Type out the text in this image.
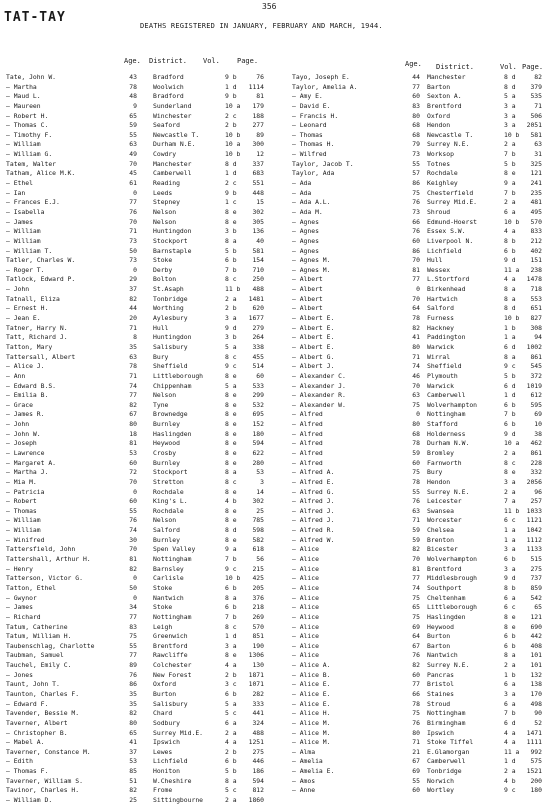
356
TAT-TAY
DEATHS REGISTERED IN JANUARY, FEBRUARY AND MARCH, 1944.
Age. District. Vol. Page.	Age. District.	Vol. Page.
Tate, John W.	43	Bradford	9 b	76
— Martha	78	Woolwich	1 d	1114
— Maud L.	48	Bradford	9 b	81
— Maureen	9	Sunderland	10 a	179
— Robert H.	65	Winchester	2 c	188
— Thomas C.	59	Seaford	2 b	277
— Timothy F.	55	Newcastle T.	10 b	89
— William	63	Durham N.E.	10 a	300
— William G.	49	Cowdry	10 b	12
Tatem, Walter	70	Manchester	8 d	337
Tatham, Alice M.K.	45	Camberwell	1 d	683
— Ethel	61	Reading	2 c	551
— Ian	0	Leeds	9 b	448
— Frances E.J.	77	Stepney	1 c	15
— Isabella	76	Nelson	8 e	302
— James	70	Nelson	8 e	305
— William	71	Huntingdon	3 b	136
— William	73	Stockport	8 a	40
— William T.	50	Barnstaple	5 b	581
Tatler, Charles W.	73	Stoke	6 b	154
— Roger T.	0	Derby	7 b	710
Tatlock, Edward P.	29	Bolton	8 c	250
— John	37	St.Asaph	11 b	488
Tatnall, Eliza	82	Tonbridge	2 a	1481
— Ernest H.	44	Worthing	2 b	620
— Jean E.	20	Aylesbury	3 a	1677
Tatner, Harry N.	71	Hull	9 d	279
Tatt, Richard J.	8	Huntingdon	3 b	264
Tatton, Mary	35	Salisbury	5 a	338
Tattersall, Albert	63	Bury	8 c	455
— Alice J.	78	Sheffield	9 c	514
— Ann	71	Littleborough	8 e	60
— Edward B.S.	74	Chippenham	5 a	533
— Emilia B.	77	Nelson	8 e	299
— Grace	82	Tyne	8 e	532
— James R.	67	Brownedge	8 e	695
— John	80	Burnley	8 e	152
— John W.	18	Haslingden	8 e	180
— Joseph	81	Heywood	8 e	594
— Lawrence	53	Crosby	8 e	622
— Margaret A.	60	Burnley	8 e	280
— Martha J.	72	Stockport	8 a	53
— Mia M.	70	Stretton	8 c	3
— Patricia	0	Rochdale	8 e	14
— Robert	60	King's L.	4 b	302
— Thomas	55	Rochdale	8 e	25
— William	76	Nelson	8 e	785
— William	74	Salford	8 d	598
— Winifred	30	Burnley	8 e	582
Tattersfield, John	70	Spen Valley	9 a	618
Tattershall, Arthur H.	81	Nottingham	7 b	56
— Henry	82	Barnsley	9 c	215
Tatterson, Victor G.	0	Carlisle	10 b	425
Tatton, Ethel	50	Stoke	6 b	205
— Gwynor	0	Nantwich	8 a	376
— James	34	Stoke	6 b	218
— Richard	77	Nottingham	7 b	269
Tatum, Catherine	83	Leigh	8 c	570
Tatum, William H.	75	Greenwich	1 d	851
Taubenschlag, Charlotte	55	Brentford	3 a	190
Taubman, Samuel	77	Rawcliffe	8 e	1306
Tauchel, Emily C.	89	Colchester	4 a	130
— Jones	76	New Forest	2 b	1871
Taunt, John T.	86	Oxford	3 c	1071
Taunton, Charles F.	35	Burton	6 b	282
— Edward F.	35	Salisbury	5 a	333
Tavender, Bessie M.	82	Chard	5 c	441
Taverner, Albert	80	Sodbury	6 a	324
— Christopher B.	65	Surrey Mid.E.	2 a	488
— Mabel A.	41	Ipswich	4 a	1251
Taverner, Constance M.	37	Lewes	2 b	275
— Edith	53	Lichfield	6 b	446
— Thomas F.	85	Honiton	5 b	186
Taverner, William S.	51	W.Cheshire	8 a	594
Tavinor, Charles H.	82	Frome	5 c	812
— William D.	25	Sittingbourne	2 a	1860
Tayo, Joseph E.	44 Manchester	8 d	82
Taylor, Amelia A.	77 Barton	8 d	379
— Amy E.	60 Sexton A.	5 a	535
— David E.	83 Brentford	3 a	71
— Francis H.	80 Oxford	3 a	506
— Leonard	68 Hendon	3 a	2051
— Thomas	68 Newcastle T.	10 b	581
— Thomas H.	79 Surrey N.E.	2 a	63
— Wilfred	73 Worksop	7 b	31
Taylor, Jacob T.	55 Totnes	5 b	325
Taylor, Ada	57 Rochdale	8 e	121
— Ada	86 Keighley	9 a	241
— Ada	75 Chesterfield	7 b	235
— Ada A.L.	76 Surrey Mid.E.	2 a	481
— Ada M.	73 Shroud	6 a	495
— Agnes	66 Edmund-Hoerst	10 b	570
— Agnes	76 Essex S.W.	4 a	833
— Agnes	60 Liverpool N.	8 b	212
— Agnes	86 Lichfield	6 b	402
— Agnes M.	70 Hull	9 d	151
— Agnes M.	81 Wessex	11 a	238
— Albert	77 L.Stortford	4 a	1478
— Albert	0 Birkenhead	8 a	718
— Albert	70 Hartwich	8 a	553
— Albert	64 Salford	8 d	651
— Albert E.	78 Furness	10 b	827
— Albert E.	82 Hackney	1 b	308
— Albert E.	41 Paddington	1 a	94
— Albert E.	80 Warwick	6 d	1002
— Albert G.	71 Wirral	8 a	861
— Albert J.	74 Sheffield	9 c	545
— Alexander C.	46 Plymouth	5 b	372
— Alexander J.	70 Warwick	6 d	1019
— Alexander R.	63 Camberwell	1 d	612
— Alexander W.	75 Wolverhampton	6 b	595
— Alfred	0 Nottingham	7 b	69
— Alfred	80 Stafford	6 b	10
— Alfred	68 Holderness	9 d	38
— Alfred	78 Durham N.W.	10 a	462
— Alfred	59 Bromley	2 a	861
— Alfred	60 Farnworth	8 c	228
— Alfred A.	75 Bury	8 e	332
— Alfred E.	78 Hendon	3 a	2056
— Alfred G.	55 Surrey N.E.	2 a	96
— Alfred J.	76 Leicester	7 a	257
— Alfred J.	63 Swansea	11 b	1033
— Alfred J.	71 Worcester	6 c	1121
— Alfred R.	59 Chelsea	1 a	1042
— Alfred W.	59 Brenton	1 a	1112
— Alice	82 Bicester	3 a	1133
— Alice	70 Wolverhampton	6 b	515
— Alice	81 Brentford	3 a	275
— Alice	77 Middlesbrough	9 d	737
— Alice	74 Southport	8 b	859
— Alice	75 Cheltenham	6 a	542
— Alice	65 Littleborough	6 c	65
— Alice	75 Haslingden	8 e	121
— Alice	69 Heywood	8 e	690
— Alice	64 Burton	6 b	442
— Alice	67 Barton	6 b	408
— Alice	76 Nantwich	8 a	101
— Alice A.	82 Surrey N.E.	2 a	101
— Alice B.	60 Pancras	1 b	132
— Alice E.	77 Bristol	6 a	138
— Alice E.	66 Staines	3 a	170
— Alice E.	78 Stroud	6 a	498
— Alice H.	75 Nottingham	7 b	90
— Alice M.	76 Birmingham	6 d	52
— Alice M.	80 Ipswich	4 a	1471
— Alice M.	71 Stoke Tiffel	4 a	1111
— Alma	21 E.Glamorgan	11 a	992
— Amelia	67 Camberwell	1 d	575
— Amelia E.	69 Tonbridge	2 a	1521
— Amos	55 Norwich	4 b	200
— Anne	60 Wortley	9 c	180
